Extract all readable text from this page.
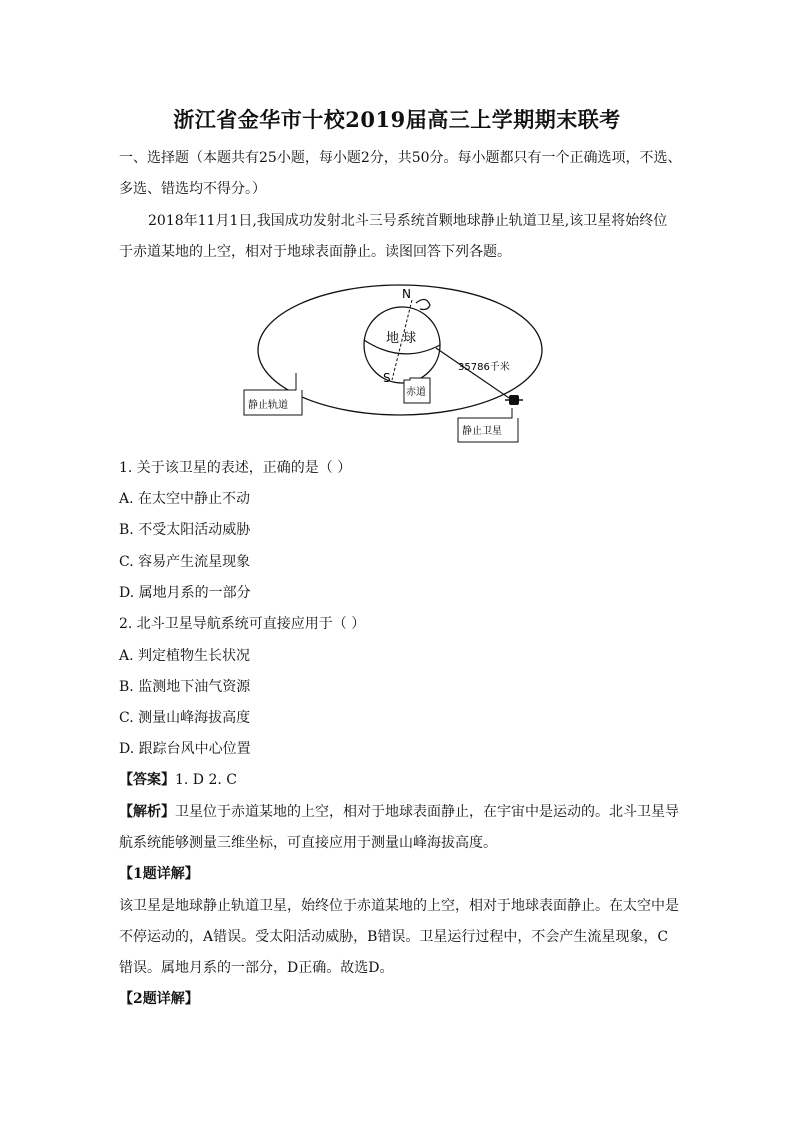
浙江省金华市十校2019届高三上学期期末联考
一、选择题（本题共有25小题，每小题2分，共50分。每小题都只有一个正确选项，不选、
多选、错选均不得分。）
2018年11月1日,我国成功发射北斗三号系统首颗地球静止轨道卫星,该卫星将始终位
于赤道某地的上空，相对于地球表面静止。读图回答下列各题。
N
S
地 球
35786千米
静止轨道
赤道
静止卫星
1. 关于该卫星的表述，正确的是（ ）
A. 在太空中静止不动
B. 不受太阳活动威胁
C. 容易产生流星现象
D. 属地月系的一部分
2. 北斗卫星导航系统可直接应用于（ ）
A. 判定植物生长状况
B. 监测地下油气资源
C. 测量山峰海拔高度
D. 跟踪台风中心位置
【答案】1. D 2. C
【解析】卫星位于赤道某地的上空，相对于地球表面静止，在宇宙中是运动的。北斗卫星导
航系统能够测量三维坐标，可直接应用于测量山峰海拔高度。
【1题详解】
该卫星是地球静止轨道卫星，始终位于赤道某地的上空，相对于地球表面静止。在太空中是
不停运动的，A错误。受太阳活动威胁，B错误。卫星运行过程中，不会产生流星现象，C
错误。属地月系的一部分，D正确。故选D。
【2题详解】
